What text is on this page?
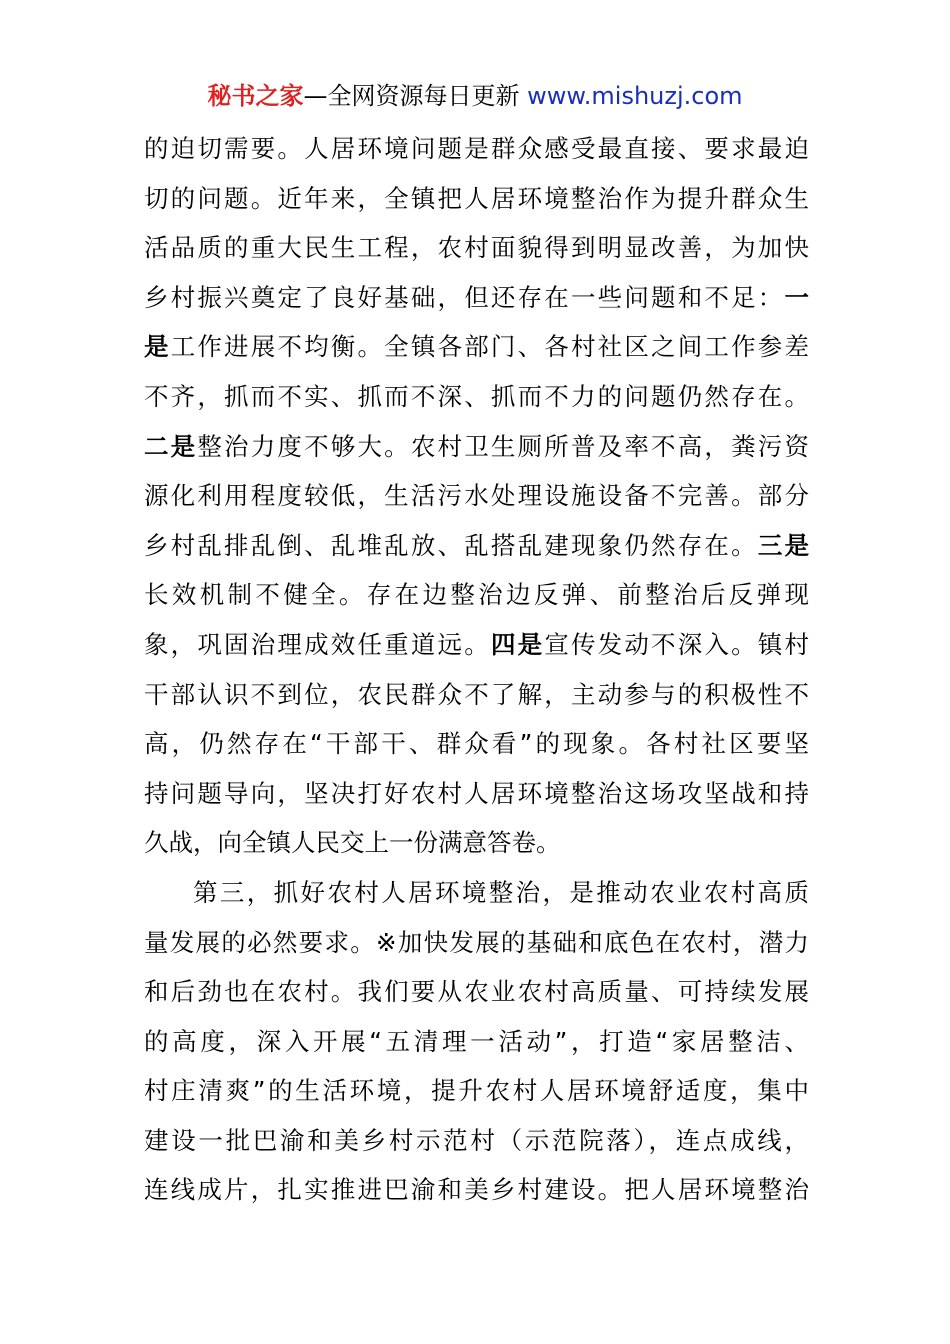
秘书之家—全网资源每日更新 www.mishuzj.com
的迫切需要。人居环境问题是群众感受最直接、要求最迫
切的问题。近年来，全镇把人居环境整治作为提升群众生
活品质的重大民生工程，农村面貌得到明显改善，为加快
乡村振兴奠定了良好基础，但还存在一些问题和不足：一
是工作进展不均衡。全镇各部门、各村社区之间工作参差
不齐，抓而不实、抓而不深、抓而不力的问题仍然存在。
二是整治力度不够大。农村卫生厕所普及率不高，粪污资
源化利用程度较低，生活污水处理设施设备不完善。部分
乡村乱排乱倒、乱堆乱放、乱搭乱建现象仍然存在。三是
长效机制不健全。存在边整治边反弹、前整治后反弹现
象，巩固治理成效任重道远。四是宣传发动不深入。镇村
干部认识不到位，农民群众不了解，主动参与的积极性不
高，仍然存在“干部干、群众看”的现象。各村社区要坚
持问题导向，坚决打好农村人居环境整治这场攻坚战和持
久战，向全镇人民交上一份满意答卷。
第三，抓好农村人居环境整治，是推动农业农村高质
量发展的必然要求。※加快发展的基础和底色在农村，潜力
和后劲也在农村。我们要从农业农村高质量、可持续发展
的高度，深入开展“五清理一活动”，打造“家居整洁、
村庄清爽”的生活环境，提升农村人居环境舒适度，集中
建设一批巴渝和美乡村示范村（示范院落），连点成线，
连线成片，扎实推进巴渝和美乡村建设。把人居环境整治
